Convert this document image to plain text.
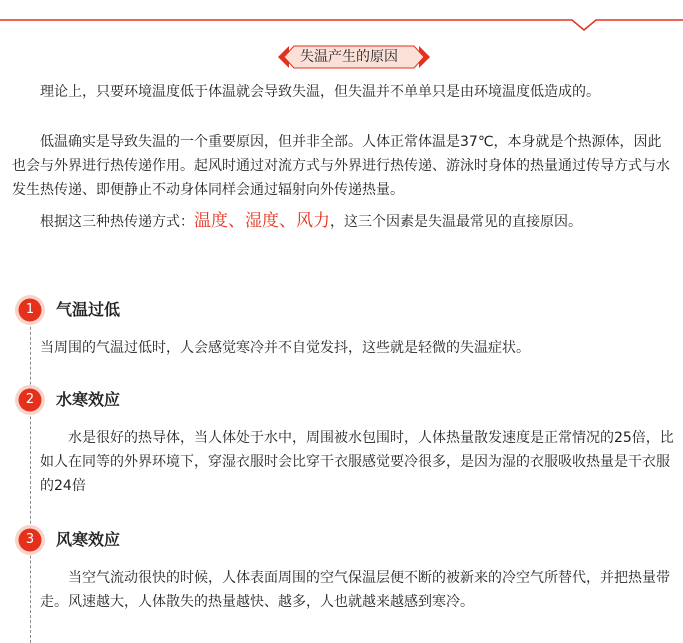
失温产生的原因

理论上，只要环境温度低于体温就会导致失温，但失温并不单单只是由环境温度低造成的。

低温确实是导致失温的一个重要原因，但并非全部。人体正常体温是37℃，本身就是个热源体，因此也会与外界进行热传递作用。起风时通过对流方式与外界进行热传递、游泳时身体的热量通过传导方式与水发生热传递、即便静止不动身体同样会通过辐射向外传递热量。

根据这三种热传递方式：温度、湿度、风力，这三个因素是失温最常见的直接原因。

1	气温过低

当周围的气温过低时，人会感觉寒冷并不自觉发抖，这些就是轻微的失温症状。

2	水寒效应

水是很好的热导体，当人体处于水中，周围被水包围时，人体热量散发速度是正常情况的25倍，比如人在同等的外界环境下，穿湿衣服时会比穿干衣服感觉要冷很多，是因为湿的衣服吸收热量是干衣服的24倍

3	风寒效应

当空气流动很快的时候，人体表面周围的空气保温层便不断的被新来的冷空气所替代，并把热量带走。风速越大，人体散失的热量越快、越多，人也就越来越感到寒冷。
